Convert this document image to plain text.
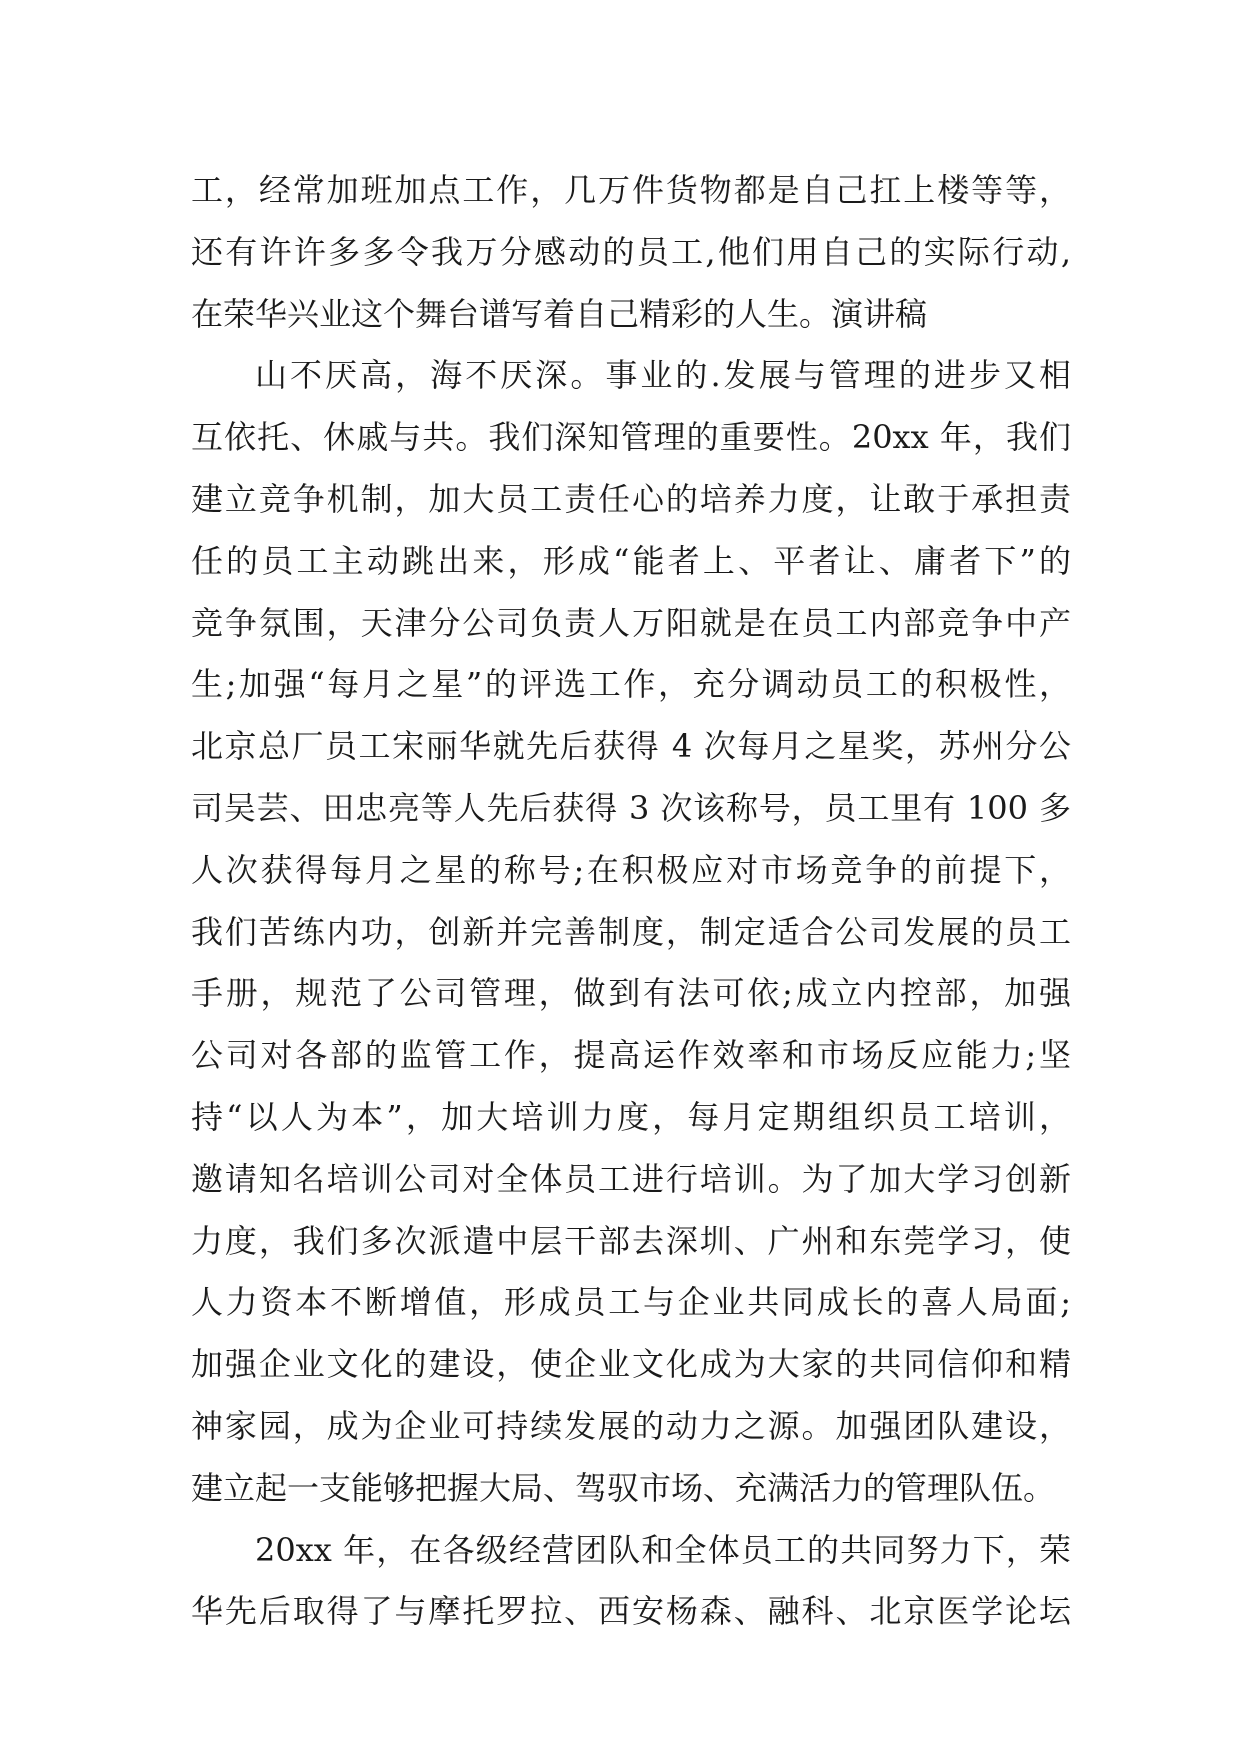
工，经常加班加点工作，几万件货物都是自己扛上楼等等，
还有许许多多令我万分感动的员工,他们用自己的实际行动,
在荣华兴业这个舞台谱写着自己精彩的人生。演讲稿
山不厌高，海不厌深。事业的.发展与管理的进步又相
互依托、休戚与共。我们深知管理的重要性。20xx 年，我们
建立竞争机制，加大员工责任心的培养力度，让敢于承担责
任的员工主动跳出来，形成“能者上、平者让、庸者下”的
竞争氛围，天津分公司负责人万阳就是在员工内部竞争中产
生;加强“每月之星”的评选工作，充分调动员工的积极性，
北京总厂员工宋丽华就先后获得 4 次每月之星奖，苏州分公
司吴芸、田忠亮等人先后获得 3 次该称号，员工里有 100 多
人次获得每月之星的称号;在积极应对市场竞争的前提下，
我们苦练内功，创新并完善制度，制定适合公司发展的员工
手册，规范了公司管理，做到有法可依;成立内控部，加强
公司对各部的监管工作，提高运作效率和市场反应能力;坚
持“以人为本”，加大培训力度，每月定期组织员工培训，
邀请知名培训公司对全体员工进行培训。为了加大学习创新
力度，我们多次派遣中层干部去深圳、广州和东莞学习，使
人力资本不断增值，形成员工与企业共同成长的喜人局面;
加强企业文化的建设，使企业文化成为大家的共同信仰和精
神家园，成为企业可持续发展的动力之源。加强团队建设，
建立起一支能够把握大局、驾驭市场、充满活力的管理队伍。
20xx 年，在各级经营团队和全体员工的共同努力下，荣
华先后取得了与摩托罗拉、西安杨森、融科、北京医学论坛
